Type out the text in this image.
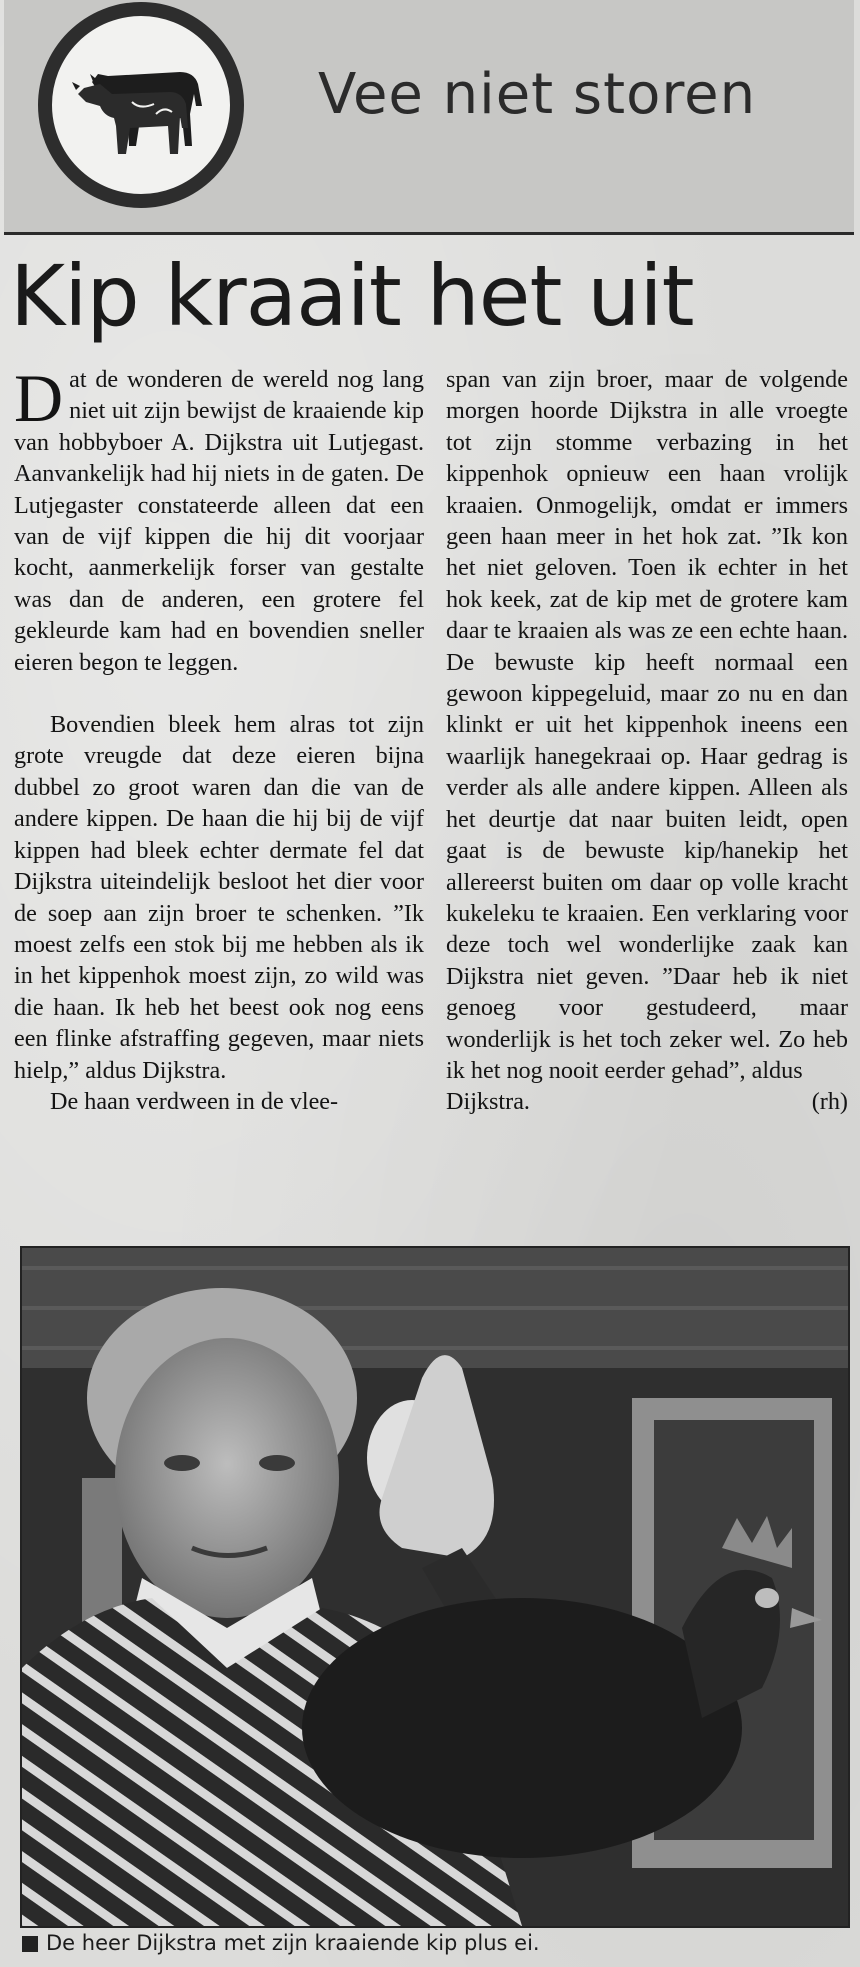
Vee niet storen
Kip kraait het uit

Dat de wonderen de wereld nog lang niet uit zijn bewijst de kraaiende kip van hobbyboer A. Dijkstra uit Lutjegast. Aanvankelijk had hij niets in de gaten. De Lutjegaster constateerde alleen dat een van de vijf kippen die hij dit voorjaar kocht, aanmerkelijk forser van gestalte was dan de anderen, een grotere fel gekleurde kam had en bovendien sneller eieren begon te leggen.

Bovendien bleek hem alras tot zijn grote vreugde dat deze eieren bijna dubbel zo groot waren dan die van de andere kippen. De haan die hij bij de vijf kippen had bleek echter dermate fel dat Dijkstra uiteindelijk besloot het dier voor de soep aan zijn broer te schenken. ”Ik moest zelfs een stok bij me hebben als ik in het kippenhok moest zijn, zo wild was die haan. Ik heb het beest ook nog eens een flinke afstraffing gegeven, maar niets hielp,” aldus Dijkstra.

De haan verdween in de vlee-

span van zijn broer, maar de volgende morgen hoorde Dijkstra in alle vroegte tot zijn stomme verbazing in het kippenhok opnieuw een haan vrolijk kraaien. Onmogelijk, omdat er immers geen haan meer in het hok zat. ”Ik kon het niet geloven. Toen ik echter in het hok keek, zat de kip met de grotere kam daar te kraaien als was ze een echte haan. De bewuste kip heeft normaal een gewoon kippegeluid, maar zo nu en dan klinkt er uit het kippenhok ineens een waarlijk hanegekraai op. Haar gedrag is verder als alle andere kippen. Alleen als het deurtje dat naar buiten leidt, open gaat is de bewuste kip/hanekip het allereerst buiten om daar op volle kracht kukeleku te kraaien. Een verklaring voor deze toch wel wonderlijke zaak kan Dijkstra niet geven. ”Daar heb ik niet genoeg voor gestudeerd, maar wonderlijk is het toch zeker wel. Zo heb ik het nog nooit eerder gehad”, aldus

Dijkstra.	(rh)
De heer Dijkstra met zijn kraaiende kip plus ei.
